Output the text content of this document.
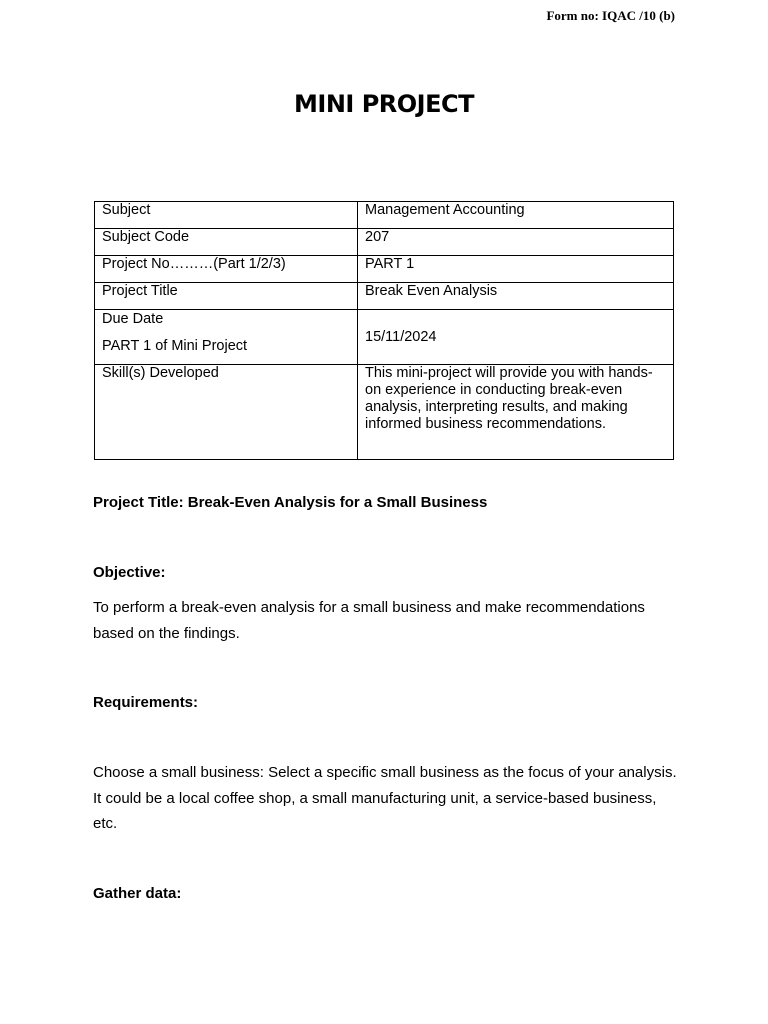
Form no: IQAC /10 (b)
MINI PROJECT
Subject	Management Accounting
Subject Code	207
Project No………(Part 1/2/3)	PART 1
Project Title	Break Even Analysis

Due Date
PART 1 of Mini Project	15/11/2024
Skill(s) Developed	This mini-project will provide you with hands-on experience in conducting break-even analysis, interpreting results, and making informed business recommendations.
Project Title: Break-Even Analysis for a Small Business
Objective:
To perform a break-even analysis for a small business and make recommendations based on the findings.
Requirements:
Choose a small business: Select a specific small business as the focus of your analysis. It could be a local coffee shop, a small manufacturing unit, a service-based business, etc.
Gather data:
